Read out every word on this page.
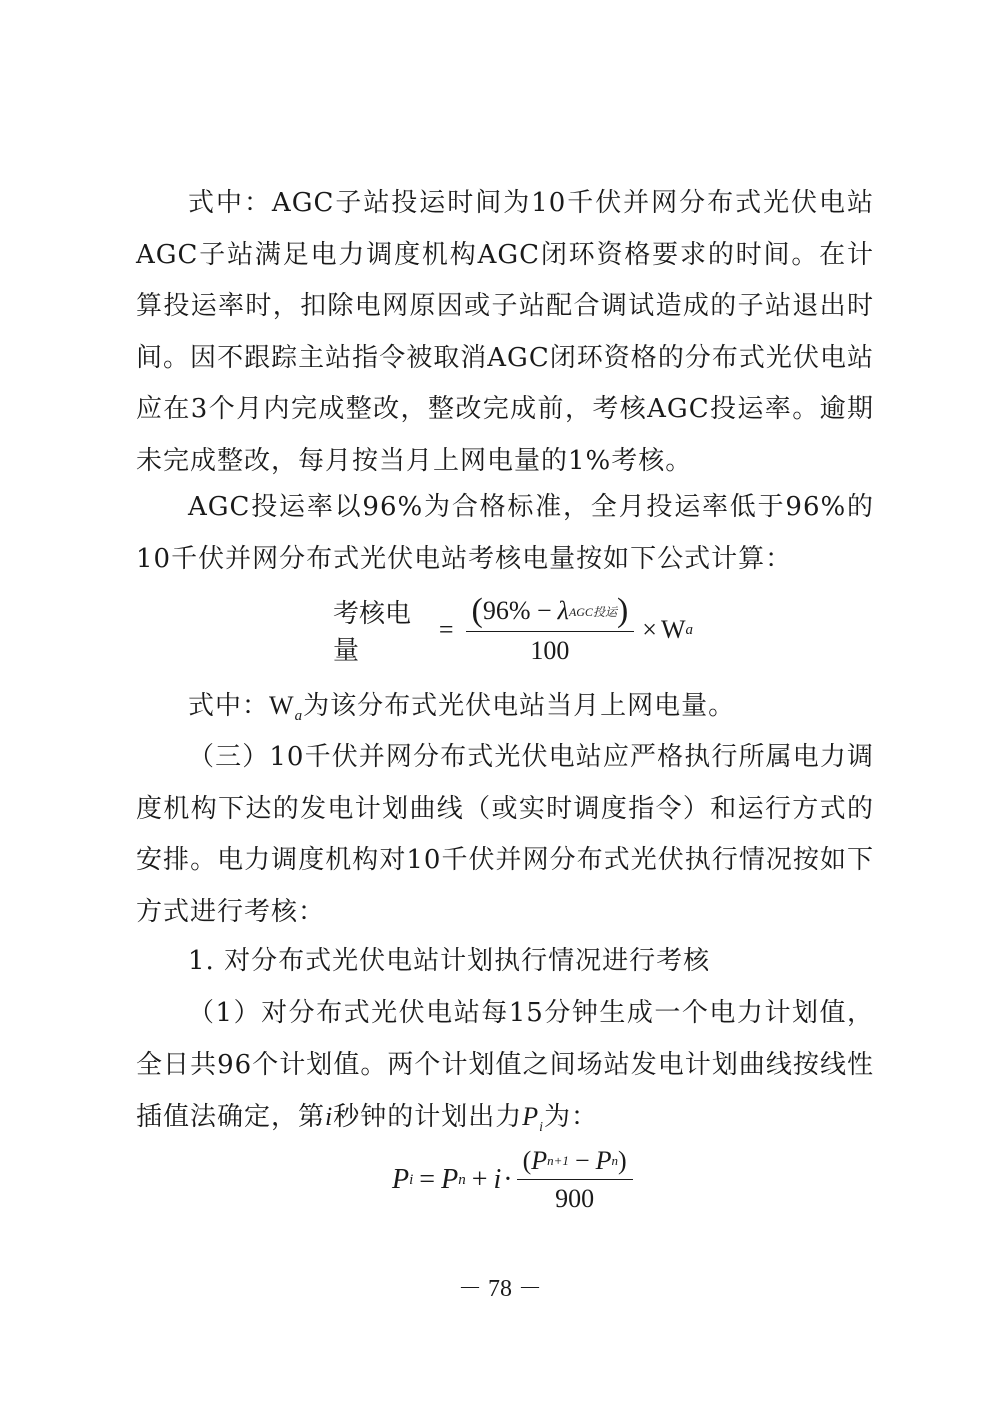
式中：AGC子站投运时间为10千伏并网分布式光伏电站AGC子站满足电力调度机构AGC闭环资格要求的时间。在计算投运率时，扣除电网原因或子站配合调试造成的子站退出时间。因不跟踪主站指令被取消AGC闭环资格的分布式光伏电站应在3个月内完成整改，整改完成前，考核AGC投运率。逾期未完成整改，每月按当月上网电量的1%考核。

AGC投运率以96%为合格标准，全月投运率低于96%的10千伏并网分布式光伏电站考核电量按如下公式计算：

考核电量
= $\frac{\text{( 96\% − λ AGC投运 )}}{100} \times W$ a

式中：$W_a$为该分布式光伏电站当月上网电量。

（三）10千伏并网分布式光伏电站应严格执行所属电力调度机构下达的发电计划曲线（或实时调度指令）和运行方式的安排。电力调度机构对10千伏并网分布式光伏执行情况按如下方式进行考核：

1. 对分布式光伏电站计划执行情况进行考核

（1）对分布式光伏电站每15分钟生成一个电力计划值，全日共96个计划值。两个计划值之间场站发电计划曲线按线性插值法确定，第i秒钟的计划出力$P_i$为：

P i = P $n + i \cdot \frac{\text{( P n+1 − P n )}}{900}$
－ 78 －
